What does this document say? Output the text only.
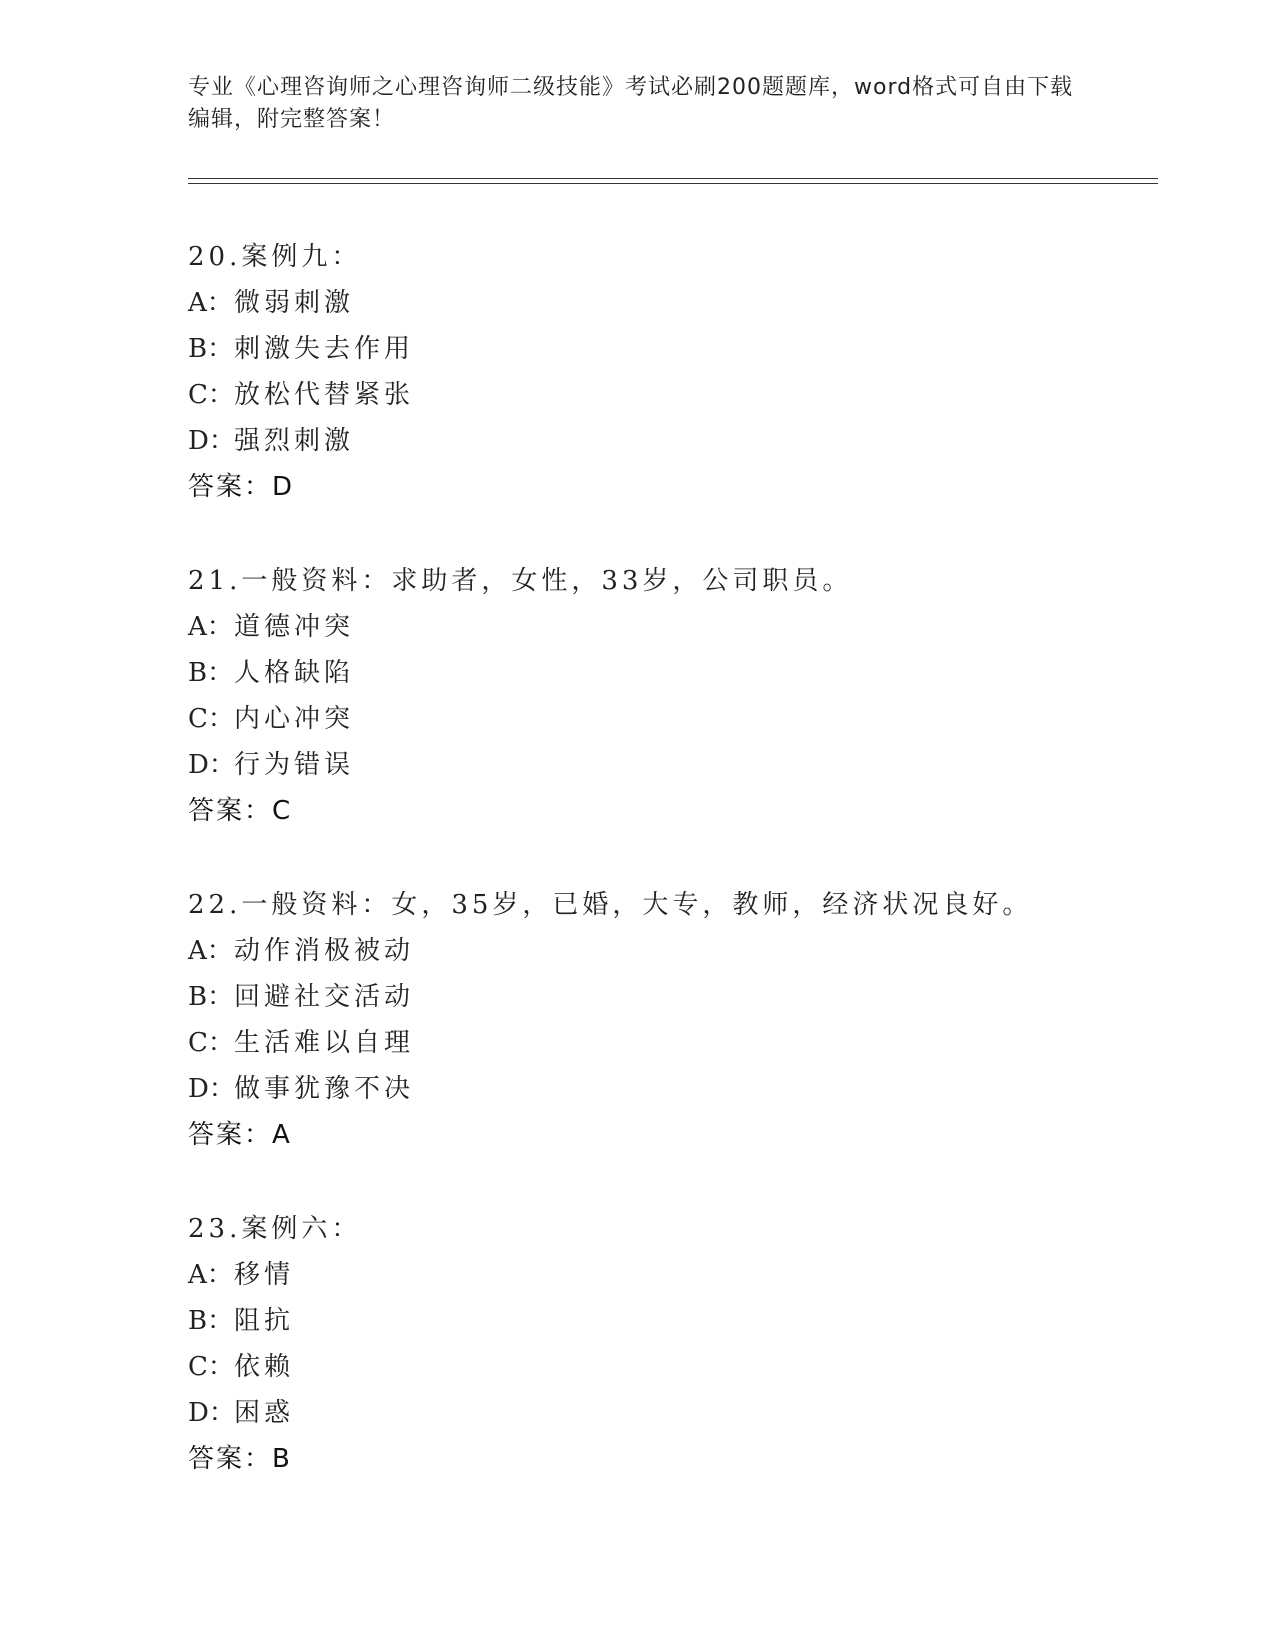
专业《心理咨询师之心理咨询师二级技能》考试必刷200题题库，word格式可自由下载编辑，附完整答案！
20.案例九：
A：微弱刺激
B：刺激失去作用
C：放松代替紧张
D：强烈刺激
答案：D
21.一般资料：求助者，女性，33岁，公司职员。
A：道德冲突
B：人格缺陷
C：内心冲突
D：行为错误
答案：C
22.一般资料：女，35岁，已婚，大专，教师，经济状况良好。
A：动作消极被动
B：回避社交活动
C：生活难以自理
D：做事犹豫不决
答案：A
23.案例六：
A：移情
B：阻抗
C：依赖
D：困惑
答案：B
